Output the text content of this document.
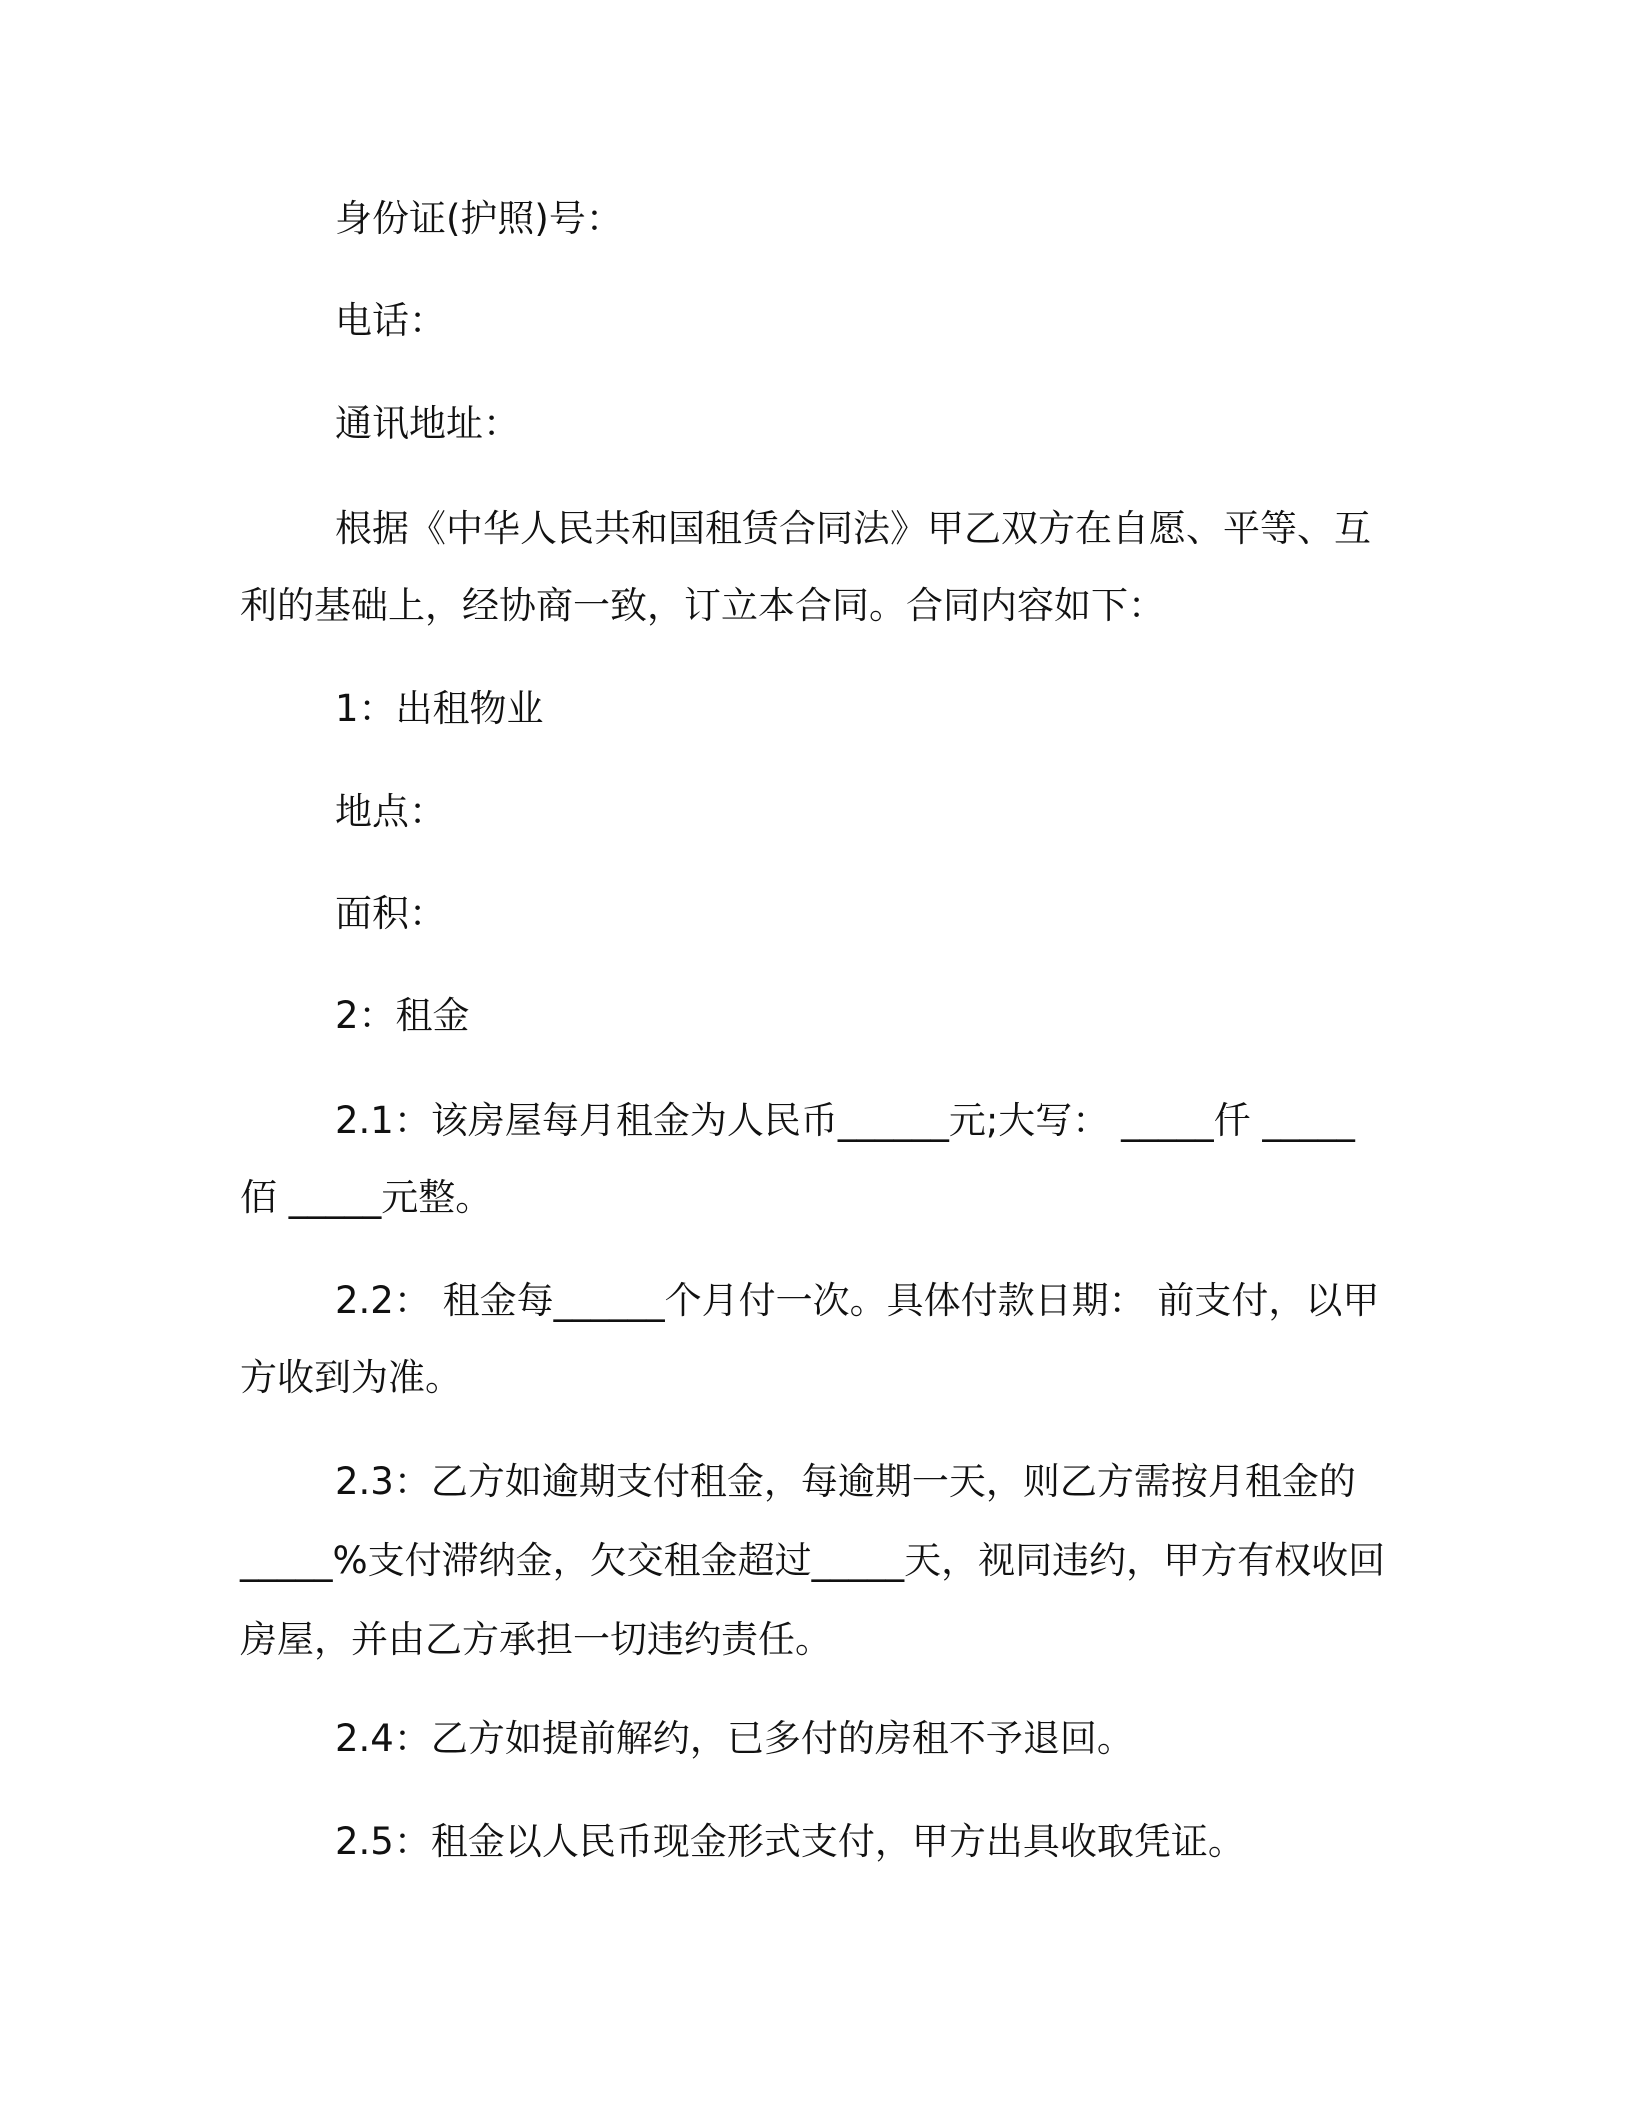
身份证(护照)号：

电话：

通讯地址：

根据《中华人民共和国租赁合同法》甲乙双方在自愿、平等、互利的基础上，经协商一致，订立本合同。合同内容如下：

1：出租物业

地点：

面积：

2：租金

2.1：该房屋每月租金为人民币______元;大写： _____仟 _____佰 _____元整。

2.2： 租金每______个月付一次。具体付款日期： 前支付，以甲方收到为准。

2.3：乙方如逾期支付租金，每逾期一天，则乙方需按月租金的_____%支付滞纳金，欠交租金超过_____天，视同违约，甲方有权收回房屋，并由乙方承担一切违约责任。

2.4：乙方如提前解约，已多付的房租不予退回。

2.5：租金以人民币现金形式支付，甲方出具收取凭证。
